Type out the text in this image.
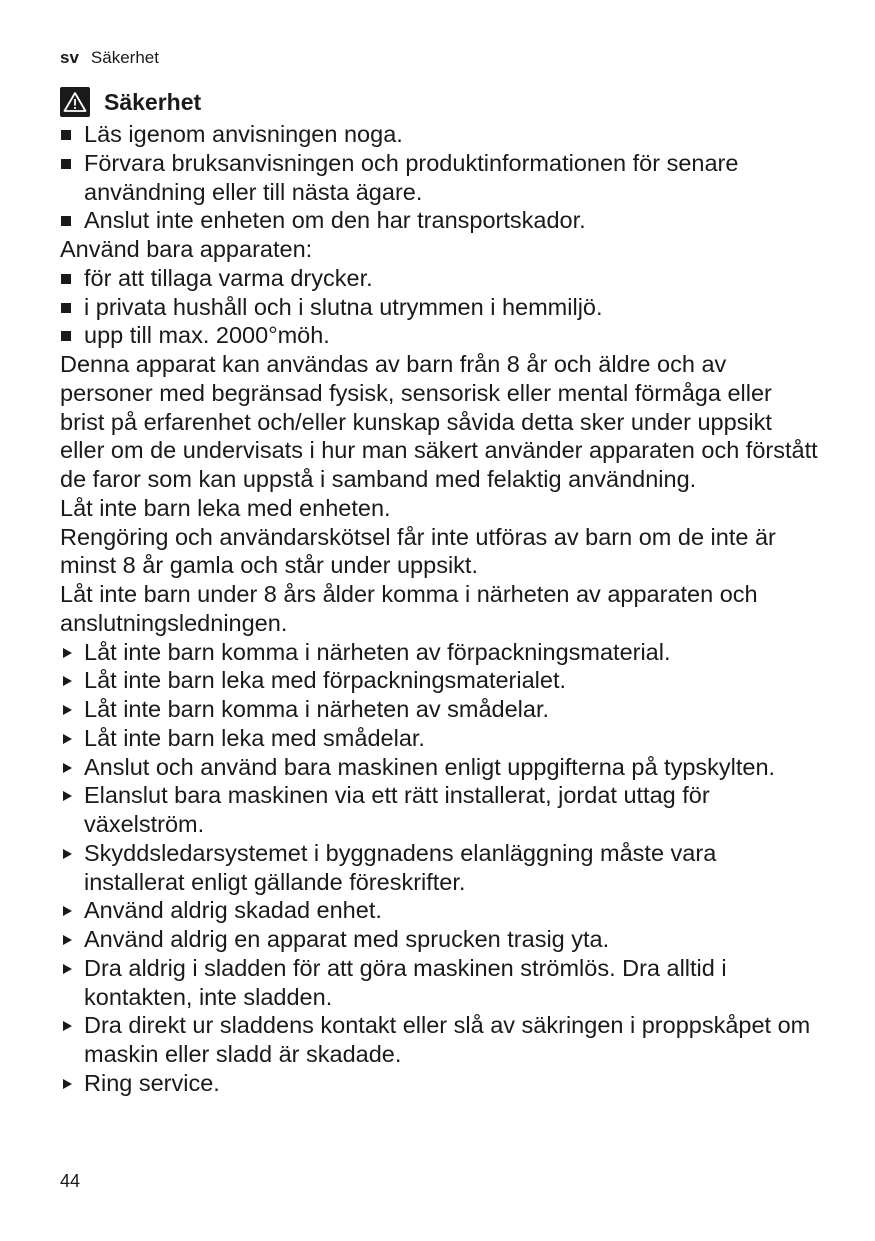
sv Säkerhet
Säkerhet

Läs igenom anvisningen noga.

Förvara bruksanvisningen och produktinformationen för senare användning eller till nästa ägare.

Anslut inte enheten om den har transportskador.

Använd bara apparaten:

för att tillaga varma drycker.

i privata hushåll och i slutna utrymmen i hemmiljö.

upp till max. 2000°möh.

Denna apparat kan användas av barn från 8 år och äldre och av personer med begränsad fysisk, sensorisk eller mental förmåga eller brist på erfarenhet och/eller kunskap såvida detta sker under uppsikt eller om de undervisats i hur man säkert använder apparaten och förstått de faror som kan uppstå i samband med felaktig användning.

Låt inte barn leka med enheten.

Rengöring och användarskötsel får inte utföras av barn om de inte är minst 8 år gamla och står under uppsikt.

Låt inte barn under 8 års ålder komma i närheten av apparaten och anslutningsledningen.

Låt inte barn komma i närheten av förpackningsmaterial.

Låt inte barn leka med förpackningsmaterialet.

Låt inte barn komma i närheten av smådelar.

Låt inte barn leka med smådelar.

Anslut och använd bara maskinen enligt uppgifterna på typskylten.

Elanslut bara maskinen via ett rätt installerat, jordat uttag för växelström.

Skyddsledarsystemet i byggnadens elanläggning måste vara installerat enligt gällande föreskrifter.

Använd aldrig skadad enhet.

Använd aldrig en apparat med sprucken trasig yta.

Dra aldrig i sladden för att göra maskinen strömlös. Dra alltid i kontakten, inte sladden.

Dra direkt ur sladdens kontakt eller slå av säkringen i proppskåpet om maskin eller sladd är skadade.

Ring service.

44
